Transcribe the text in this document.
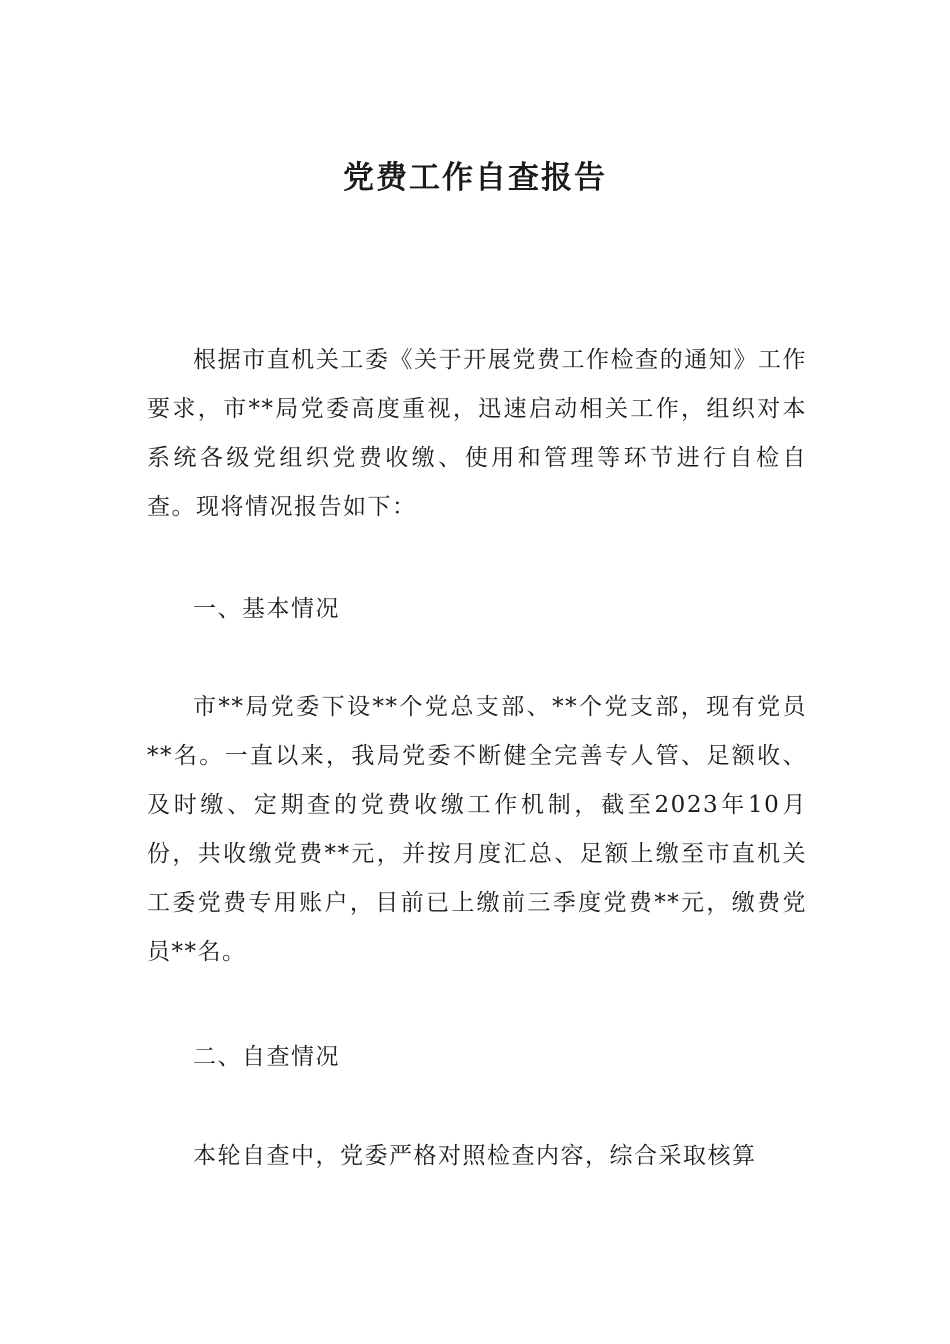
党费工作自查报告

根据市直机关工委《关于开展党费工作检查的通知》工作要求，市**局党委高度重视，迅速启动相关工作，组织对本系统各级党组织党费收缴、使用和管理等环节进行自检自查。现将情况报告如下：

一、基本情况

市**局党委下设**个党总支部、**个党支部，现有党员**名。一直以来，我局党委不断健全完善专人管、足额收、及时缴、定期查的党费收缴工作机制，截至2023年10月份，共收缴党费**元，并按月度汇总、足额上缴至市直机关工委党费专用账户，目前已上缴前三季度党费**元，缴费党员**名。

二、自查情况

本轮自查中，党委严格对照检查内容，综合采取核算
